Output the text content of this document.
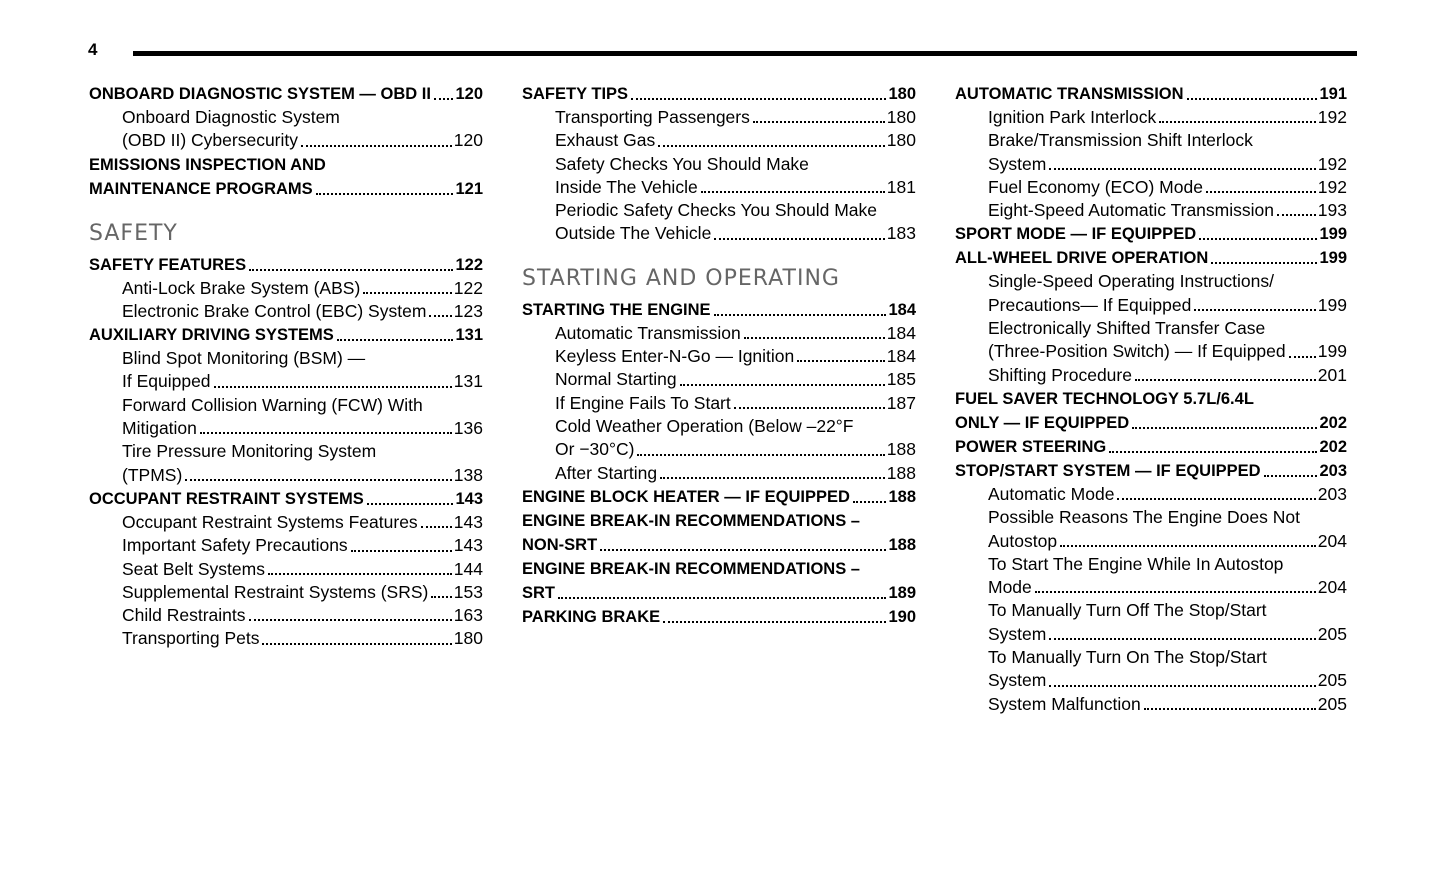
4
ONBOARD DIAGNOSTIC SYSTEM — OBD II 120
Onboard Diagnostic System
(OBD II) Cybersecurity	120
EMISSIONS INSPECTION AND
MAINTENANCE PROGRAMS	121
SAFETY
SAFETY FEATURES	122
Anti-Lock Brake System (ABS)	122
Electronic Brake Control (EBC) System 123
AUXILIARY DRIVING SYSTEMS	131
Blind Spot Monitoring (BSM) —
If Equipped	131
Forward Collision Warning (FCW) With
Mitigation	136
Tire Pressure Monitoring System
(TPMS)	138
OCCUPANT RESTRAINT SYSTEMS	143
Occupant Restraint Systems Features 143
Important Safety Precautions	143
Seat Belt Systems	144
Supplemental Restraint Systems (SRS) 153
Child Restraints	163
Transporting Pets	180
SAFETY TIPS	180
Transporting Passengers	180
Exhaust Gas	180
Safety Checks You Should Make
Inside The Vehicle	181
Periodic Safety Checks You Should Make
Outside The Vehicle	183
STARTING AND OPERATING
STARTING THE ENGINE	184
Automatic Transmission	184
Keyless Enter-N-Go — Ignition	184
Normal Starting	185
If Engine Fails To Start	187
Cold Weather Operation (Below –22°F
Or −30°C)	188
After Starting	188
ENGINE BLOCK HEATER — IF EQUIPPED 188
ENGINE BREAK-IN RECOMMENDATIONS –
NON-SRT	188
ENGINE BREAK-IN RECOMMENDATIONS –
SRT	189
PARKING BRAKE	190
AUTOMATIC TRANSMISSION	191
Ignition Park Interlock	192
Brake/Transmission Shift Interlock
System	192
Fuel Economy (ECO) Mode	192
Eight-Speed Automatic Transmission	193
SPORT MODE — IF EQUIPPED	199
ALL-WHEEL DRIVE OPERATION	199
Single-Speed Operating Instructions/
Precautions— If Equipped	199
Electronically Shifted Transfer Case
(Three-Position Switch) — If Equipped 199
Shifting Procedure	201
FUEL SAVER TECHNOLOGY 5.7L/6.4L
ONLY — IF EQUIPPED	202
POWER STEERING	202
STOP/START SYSTEM — IF EQUIPPED	203
Automatic Mode	203
Possible Reasons The Engine Does Not
Autostop	204
To Start The Engine While In Autostop
Mode	204
To Manually Turn Off The Stop/Start
System	205
To Manually Turn On The Stop/Start
System	205
System Malfunction	205
